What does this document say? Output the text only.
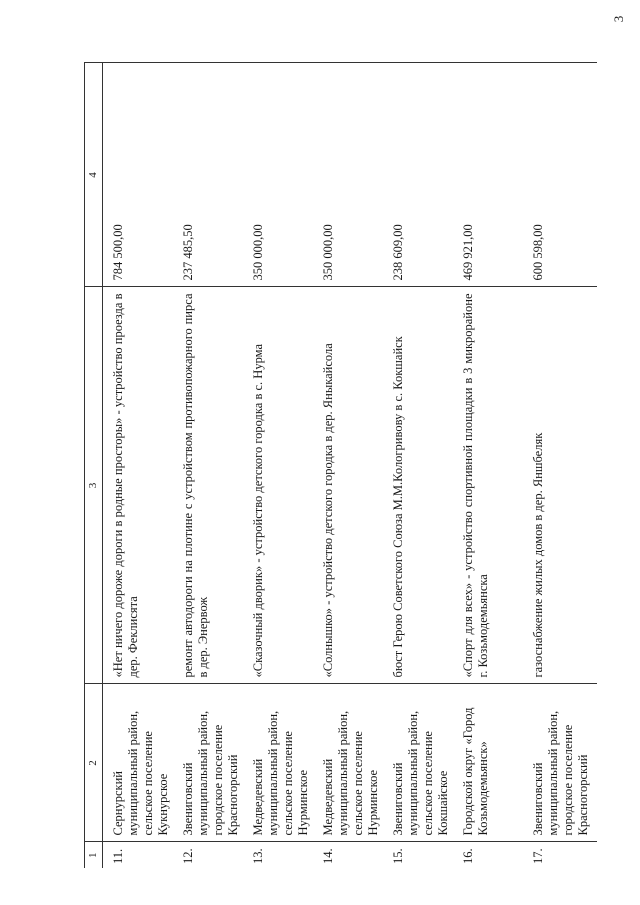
3
1	2	3	4
11.	Сернурский муниципальный район, сельское поселение Кукнурское	«Нет ничего дороже дороги в родные просторы» - устройство проезда в дер. Феклисята	784 500,00
12.	Звениговский муниципальный район, городское поселение Красногорский	ремонт автодороги на плотине с устройством противопожарного пирса в дер. Энервож	237 485,50
13.	Медведевский муниципальный район, сельское поселение Нурминское	«Сказочный дворик» - устройство детского городка в с. Нурма	350 000,00
14.	Медведевский муниципальный район, сельское поселение Нурминское	«Солнышко» - устройство детского городка в дер. Яныкайсола	350 000,00
15.	Звениговский муниципальный район, сельское поселение Кокшайское	бюст Герою Советского Союза М.М.Кологривову в с. Кокшайск	238 609,00
16.	Городской округ «Город Козьмодемьянск»	«Спорт для всех» - устройство спортивной площадки в 3 микрорайоне г. Козьмодемьянска	469 921,00
17.	Звениговский муниципальный район, городское поселение Красногорский	газоснабжение жилых домов в дер. Яншбеляк	600 598,00
